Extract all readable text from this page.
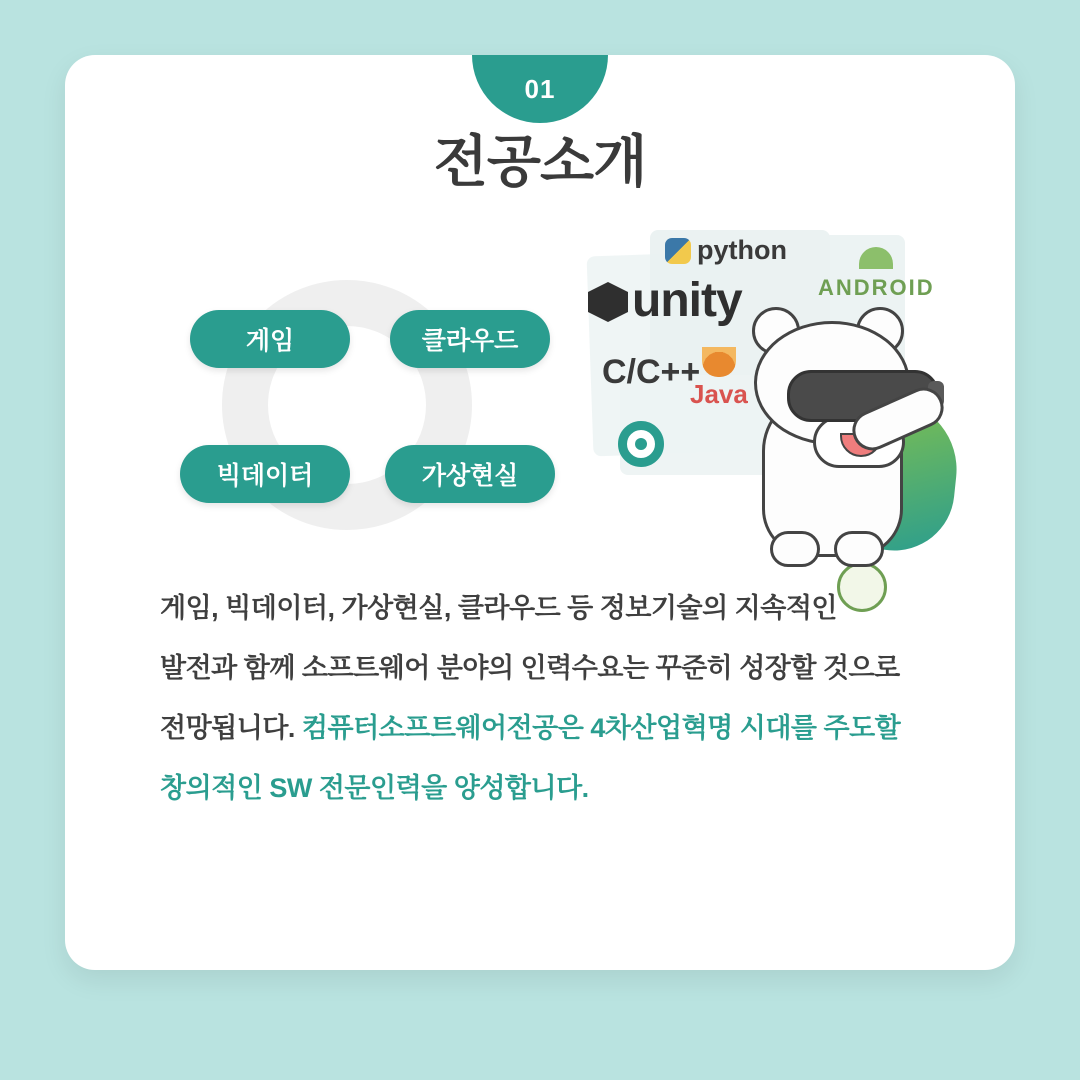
01
전공소개
게임	클라우드
빅데이터	가상현실
python
unity	ANDROID
C/C++
Java
게임, 빅데이터, 가상현실, 클라우드 등 정보기술의 지속적인 발전과 함께 소프트웨어 분야의 인력수요는 꾸준히 성장할 것으로 전망됩니다. 컴퓨터소프트웨어전공은 4차산업혁명 시대를 주도할 창의적인 SW 전문인력을 양성합니다.
